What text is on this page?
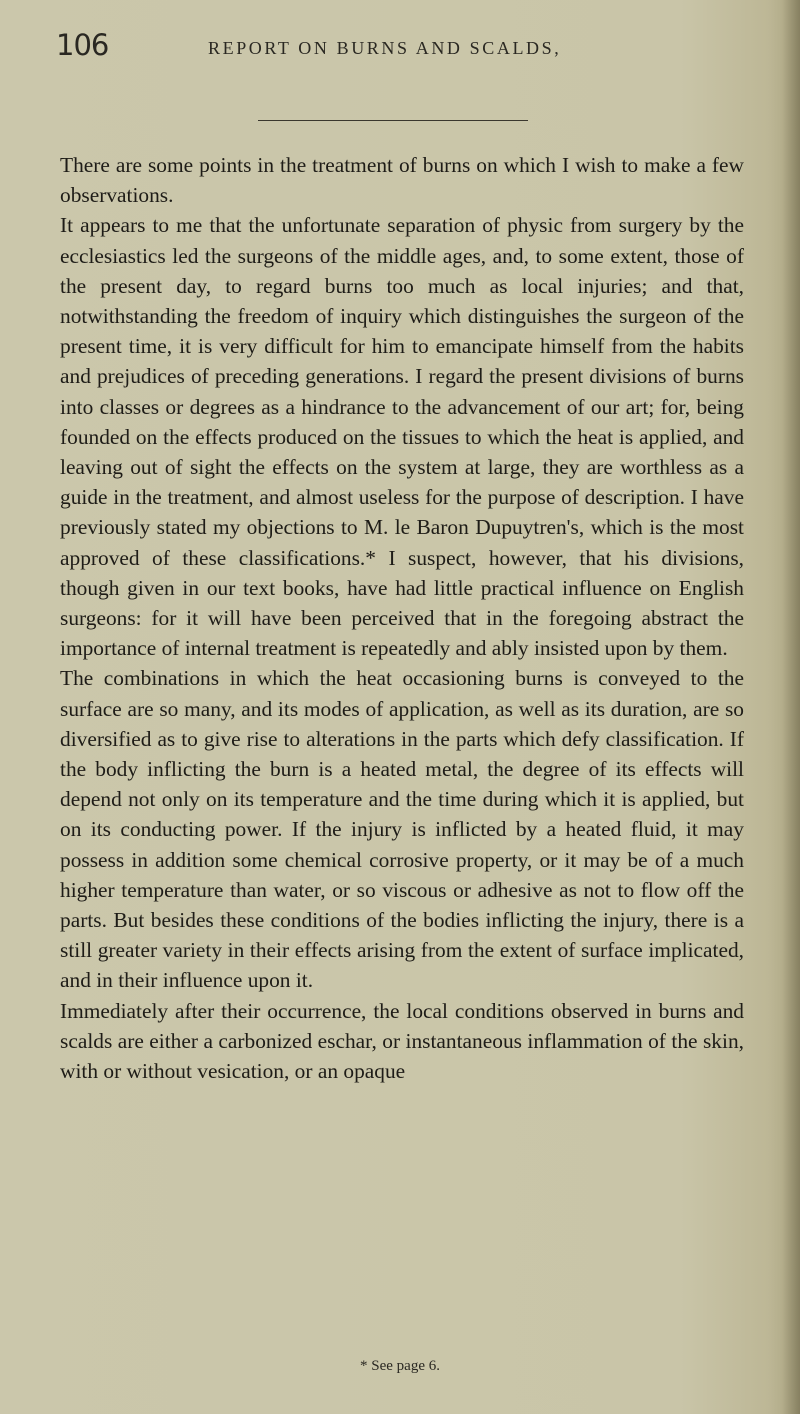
106	REPORT ON BURNS AND SCALDS,

There are some points in the treatment of burns on which I wish to make a few observations.

It appears to me that the unfortunate separation of physic from surgery by the ecclesiastics led the surgeons of the middle ages, and, to some extent, those of the present day, to regard burns too much as local injuries; and that, notwithstanding the freedom of inquiry which distinguishes the surgeon of the present time, it is very difficult for him to emancipate himself from the habits and prejudices of preceding generations. I regard the present divisions of burns into classes or degrees as a hindrance to the advancement of our art; for, being founded on the effects produced on the tissues to which the heat is applied, and leaving out of sight the effects on the system at large, they are worthless as a guide in the treatment, and almost useless for the purpose of description. I have previously stated my objections to M. le Baron Dupuytren's, which is the most approved of these classifications.* I suspect, however, that his divisions, though given in our text books, have had little practical influence on English surgeons: for it will have been perceived that in the foregoing abstract the importance of internal treatment is repeatedly and ably insisted upon by them.

The combinations in which the heat occasioning burns is conveyed to the surface are so many, and its modes of application, as well as its duration, are so diversified as to give rise to alterations in the parts which defy classification. If the body inflicting the burn is a heated metal, the degree of its effects will depend not only on its temperature and the time during which it is applied, but on its conducting power. If the injury is inflicted by a heated fluid, it may possess in addition some chemical corrosive property, or it may be of a much higher temperature than water, or so viscous or adhesive as not to flow off the parts. But besides these conditions of the bodies inflicting the injury, there is a still greater variety in their effects arising from the extent of surface implicated, and in their influence upon it.

Immediately after their occurrence, the local conditions observed in burns and scalds are either a carbonized eschar, or instantaneous inflammation of the skin, with or without vesication, or an opaque

* See page 6.
